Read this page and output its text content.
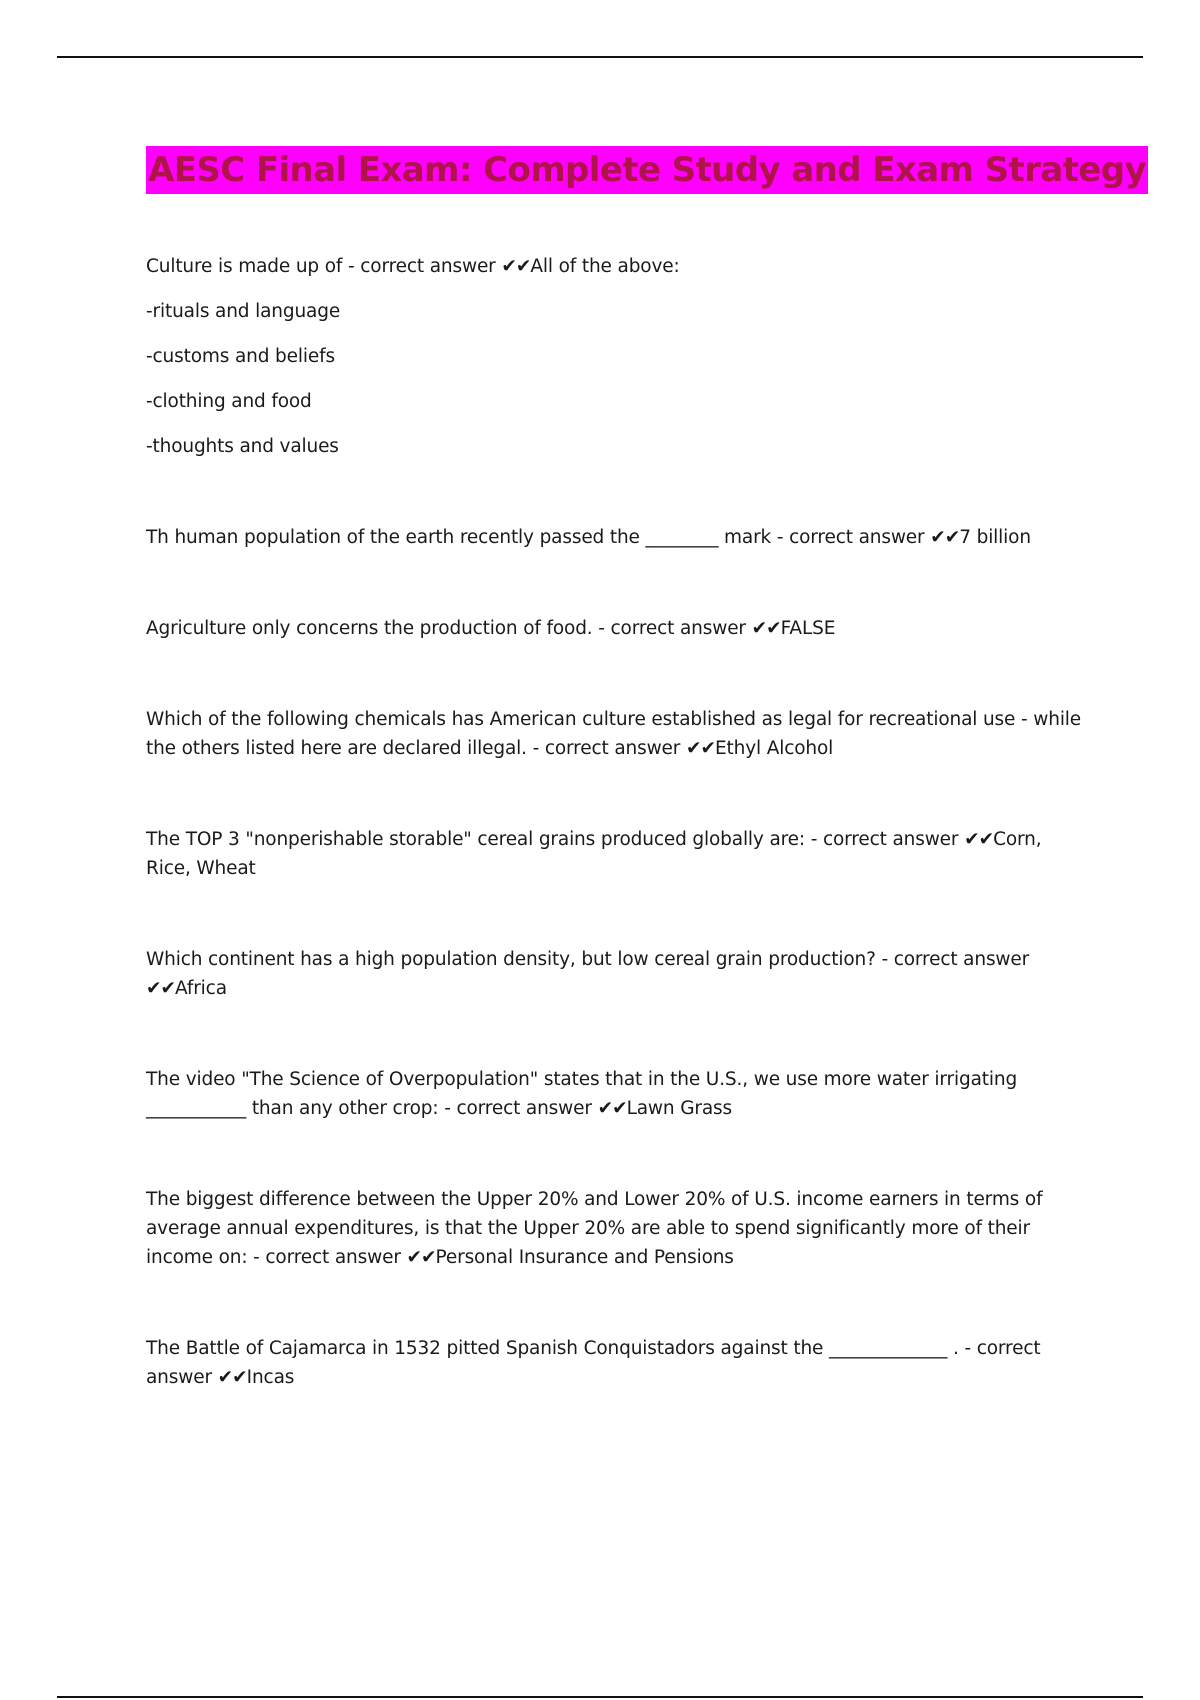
AESC Final Exam: Complete Study and Exam Strategy

Culture is made up of - correct answer ✔✔All of the above:

-rituals and language

-customs and beliefs

-clothing and food

-thoughts and values

Th human population of the earth recently passed the ________ mark - correct answer ✔✔7 billion

Agriculture only concerns the production of food. - correct answer ✔✔FALSE

Which of the following chemicals has American culture established as legal for recreational use - while the others listed here are declared illegal. - correct answer ✔✔Ethyl Alcohol

The TOP 3 "nonperishable storable" cereal grains produced globally are: - correct answer ✔✔Corn, Rice, Wheat

Which continent has a high population density, but low cereal grain production? - correct answer ✔✔Africa

The video "The Science of Overpopulation" states that in the U.S., we use more water irrigating ___________ than any other crop: - correct answer ✔✔Lawn Grass

The biggest difference between the Upper 20% and Lower 20% of U.S. income earners in terms of average annual expenditures, is that the Upper 20% are able to spend significantly more of their income on: - correct answer ✔✔Personal Insurance and Pensions

The Battle of Cajamarca in 1532 pitted Spanish Conquistadors against the _____________ . - correct answer ✔✔Incas
